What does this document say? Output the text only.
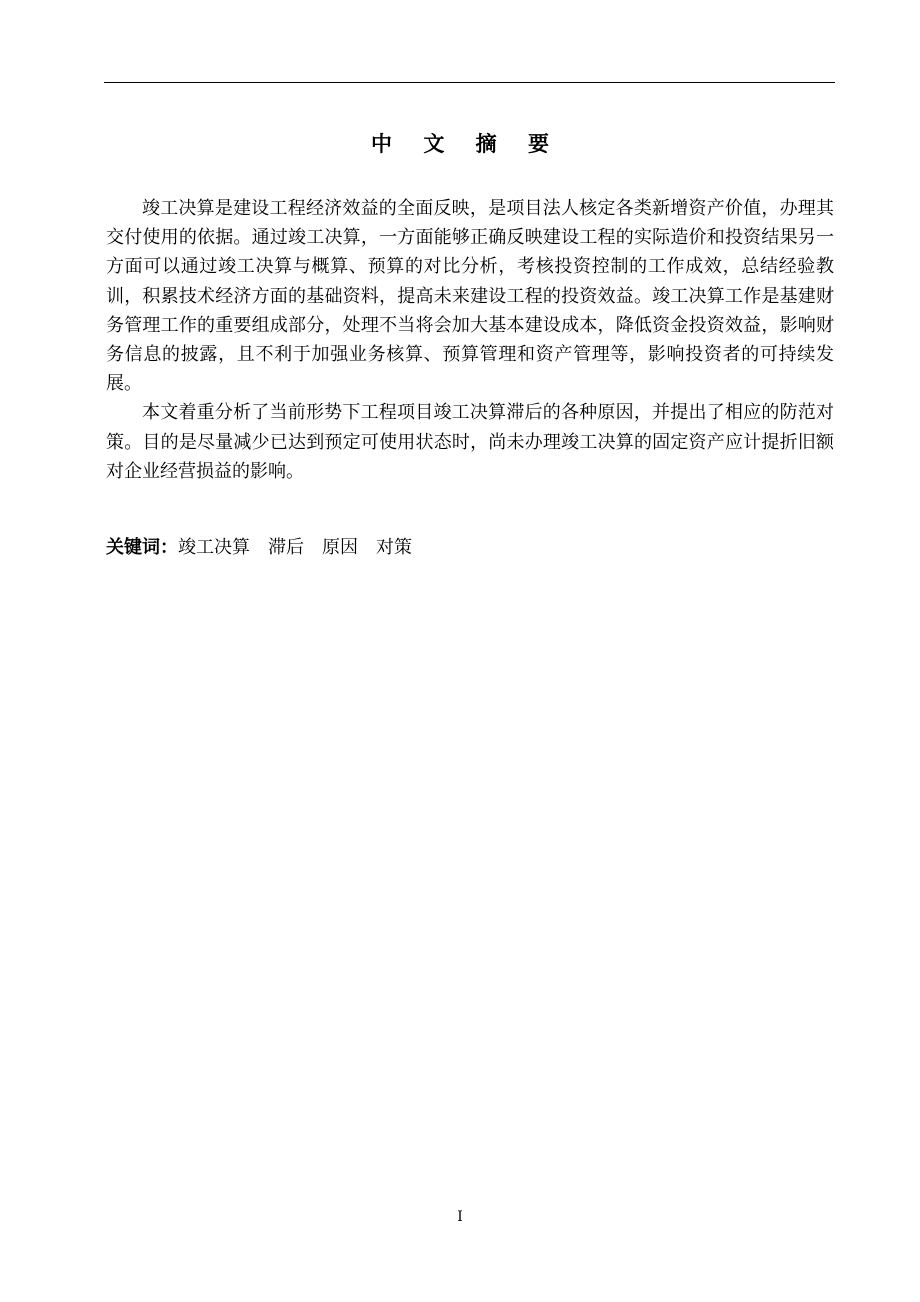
中 文 摘 要

竣工决算是建设工程经济效益的全面反映，是项目法人核定各类新增资产价值，办理其交付使用的依据。通过竣工决算，一方面能够正确反映建设工程的实际造价和投资结果另一方面可以通过竣工决算与概算、预算的对比分析，考核投资控制的工作成效，总结经验教训，积累技术经济方面的基础资料，提高未来建设工程的投资效益。竣工决算工作是基建财务管理工作的重要组成部分，处理不当将会加大基本建设成本，降低资金投资效益，影响财务信息的披露，且不利于加强业务核算、预算管理和资产管理等，影响投资者的可持续发展。

本文着重分析了当前形势下工程项目竣工决算滞后的各种原因，并提出了相应的防范对策。目的是尽量减少已达到预定可使用状态时，尚未办理竣工决算的固定资产应计提折旧额对企业经营损益的影响。

关键词：竣工决算 滞后 原因 对策
I
